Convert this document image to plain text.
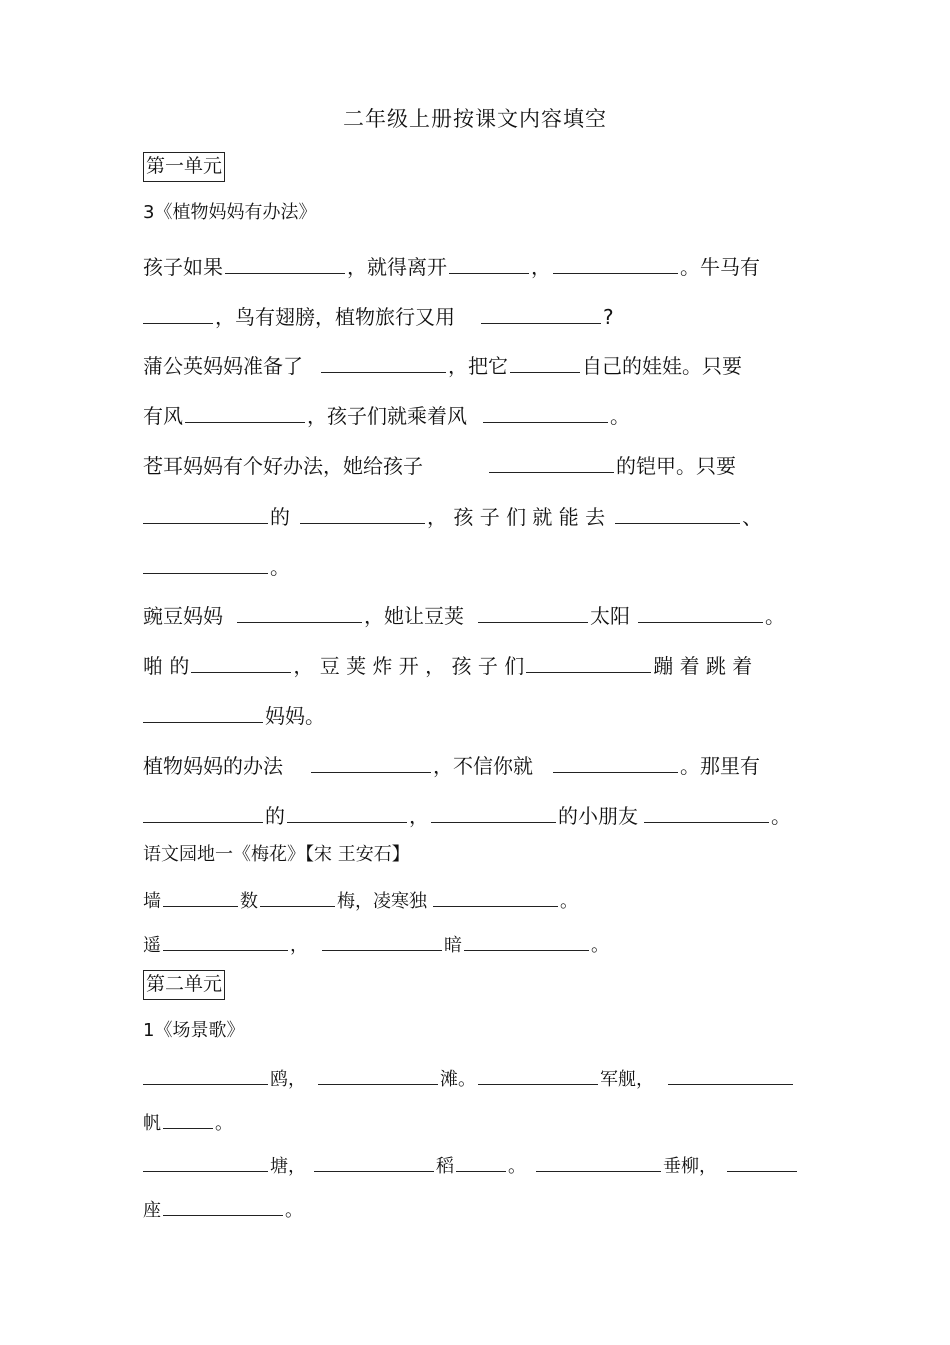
二年级上册按课文内容填空
第一单元
3《植物妈妈有办法》
孩子如果	，就得离开	，	。牛马有
，鸟有翅膀，植物旅行又用	?
蒲公英妈妈准备了	，把它	自己的娃娃。只要
有风	，孩子们就乘着风	。
苍耳妈妈有个好办法，她给孩子	的铠甲。只要
的	， 孩 子 们 就 能 去	、
。
豌豆妈妈	，她让豆荚	太阳	。
啪 的	， 豆 荚 炸 开 ， 孩 子 们	蹦 着 跳 着
妈妈。
植物妈妈的办法	，不信你就	。那里有
的	，	的小朋友	。
语文园地一《梅花》【宋 王安石】
墙	数	梅，凌寒独	。
遥	，	暗	。
第二单元
1《场景歌》
鸥，	滩。	军舰，
帆	。
塘，	稻	。	垂柳，
座	。
